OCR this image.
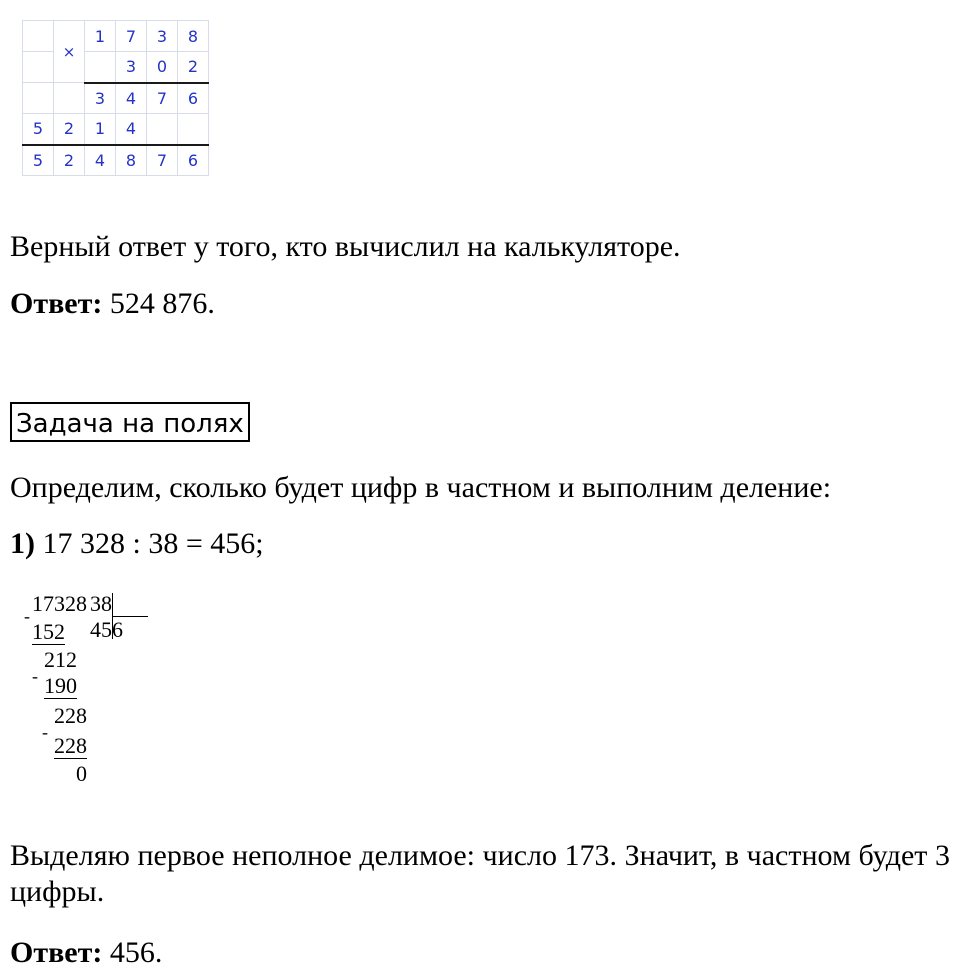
	×	1	7	3	8
			3	0	2
		3	4	7	6
5	2	1	4		
5	2	4	8	7	6
Верный ответ у того, кто вычислил на калькуляторе.
Ответ: 524 876.
Задача на полях
Определим, сколько будет цифр в частном и выполним деление:
1) 17 328 : 38 = 456;
17328 38
456
-
152
212
- 190
228
-
228
0
Выделяю первое неполное делимое: число 173. Значит, в частном будет 3 цифры.
Ответ: 456.
